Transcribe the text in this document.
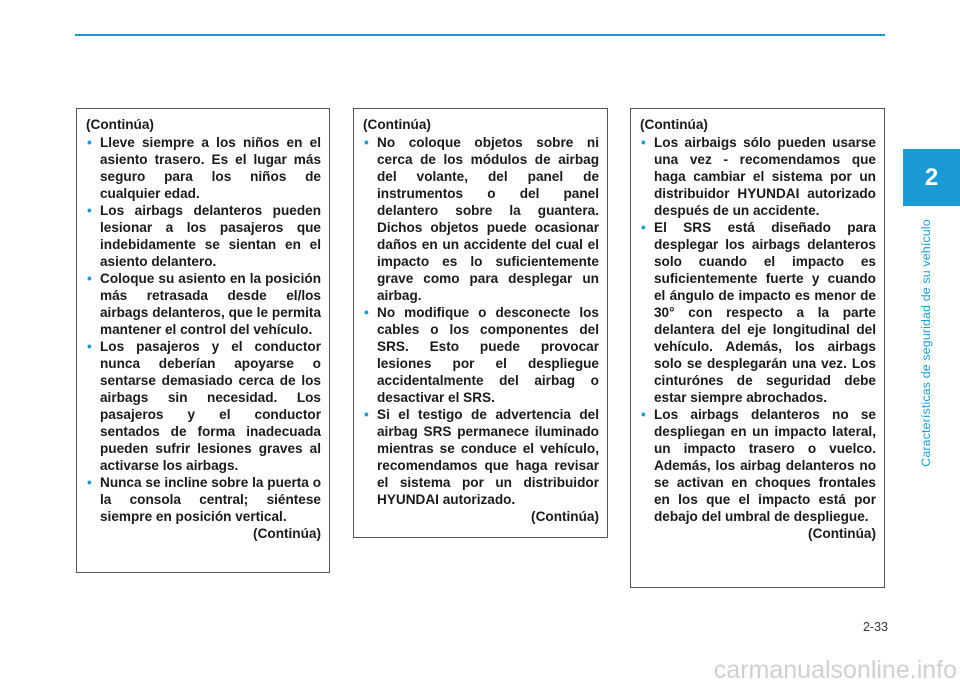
2
Características de seguridad de su vehículo
(Continúa)
• Lleve siempre a los niños en el asiento trasero. Es el lugar más seguro para los niños de cualquier edad.
• Los airbags delanteros pueden lesionar a los pasajeros que indebidamente se sientan en el asiento delantero.
• Coloque su asiento en la posición más retrasada desde el/los airbags delanteros, que le permita mantener el control del vehículo.
• Los pasajeros y el conductor nunca deberían apoyarse o sentarse demasiado cerca de los airbags sin necesidad. Los pasajeros y el conductor sentados de forma inadecuada pueden sufrir lesiones graves al activarse los airbags.
• Nunca se incline sobre la puerta o la consola central; siéntese siempre en posición vertical.
(Continúa)
(Continúa)
• No coloque objetos sobre ni cerca de los módulos de airbag del volante, del panel de instrumentos o del panel delantero sobre la guantera. Dichos objetos puede ocasionar daños en un accidente del cual el impacto es lo suficientemente grave como para desplegar un airbag.
• No modifique o desconecte los cables o los componentes del SRS. Esto puede provocar lesiones por el despliegue accidentalmente del airbag o desactivar el SRS.
• Si el testigo de advertencia del airbag SRS permanece iluminado mientras se conduce el vehículo, recomendamos que haga revisar el sistema por un distribuidor HYUNDAI autorizado.
(Continúa)
(Continúa)
• Los airbaigs sólo pueden usarse una vez - recomendamos que haga cambiar el sistema por un distribuidor HYUNDAI autorizado después de un accidente.
• El SRS está diseñado para desplegar los airbags delanteros solo cuando el impacto es suficientemente fuerte y cuando el ángulo de impacto es menor de 30° con respecto a la parte delantera del eje longitudinal del vehículo. Además, los airbags solo se desplegarán una vez. Los cinturónes de seguridad debe estar siempre abrochados.
• Los airbags delanteros no se despliegan en un impacto lateral, un impacto trasero o vuelco. Además, los airbag delanteros no se activan en choques frontales en los que el impacto está por debajo del umbral de despliegue.
(Continúa)
2-33
carmanualsonline.info
